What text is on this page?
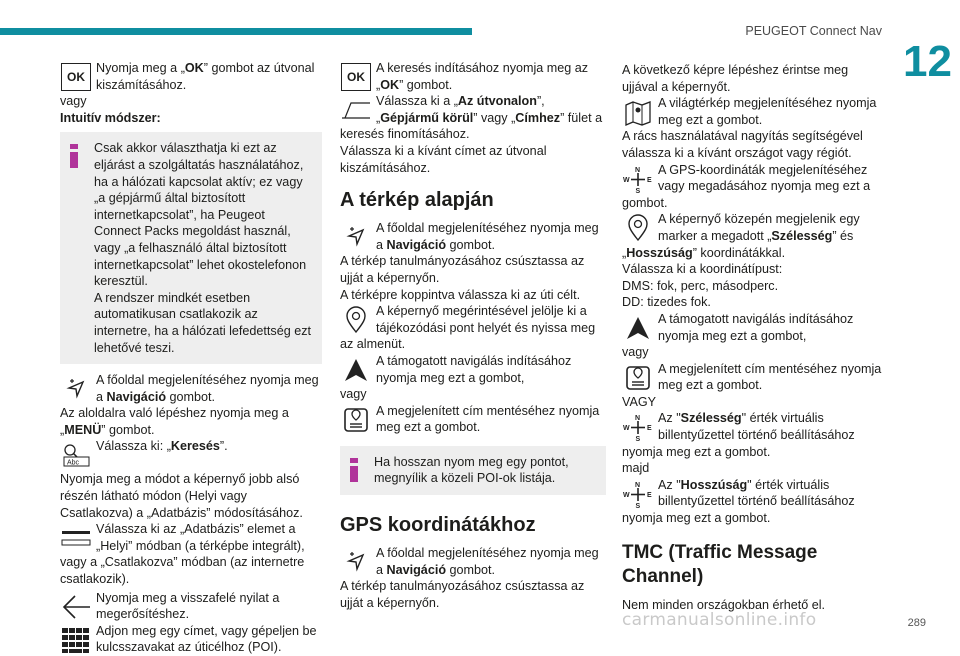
PEUGEOT Connect Nav
12
OK

Nyomja meg a „OK” gombot az útvonal kiszámításához.

vagy

Intuitív módszer:

Csak akkor választhatja ki ezt az eljárást a szolgáltatás használatához, ha a hálózati kapcsolat aktív; ez vagy „a gépjármű által biztosított internetkapcsolat”, ha Peugeot Connect Packs megoldást használ, vagy „a felhasználó által biztosított internetkapcsolat” lehet okostelefonon keresztül.

A rendszer mindkét esetben automatikusan csatlakozik az internetre, ha a hálózati lefedettség ezt lehetővé teszi.

A főoldal megjelenítéséhez nyomja meg a Navigáció gombot.

Az aloldalra való lépéshez nyomja meg a „MENÜ” gombot.

Abc

Válassza ki: „Keresés”.

Nyomja meg a módot a képernyő jobb alsó részén látható módon (Helyi vagy Csatlakozva) a „Adatbázis” módosításához.

Válassza ki az „Adatbázis” elemet a „Helyi” módban (a térképbe integrált), vagy a „Csatlakozva” módban (az internetre csatlakozik).

Nyomja meg a visszafelé nyilat a megerősítéshez.

Adjon meg egy címet, vagy gépeljen be kulcsszavakat az úticélhoz (POI).

OK

A keresés indításához nyomja meg az „OK” gombot.

Válassza ki a „Az útvonalon”, „Gépjármű körül” vagy „Címhez” fület a keresés finomításához.

Válassza ki a kívánt címet az útvonal kiszámításához.

A térkép alapján

A főoldal megjelenítéséhez nyomja meg a Navigáció gombot.

A térkép tanulmányozásához csúsztassa az ujját a képernyőn.

A térképre koppintva válassza ki az úti célt.

A képernyő megérintésével jelölje ki a tájékozódási pont helyét és nyissa meg az almenüt.

A támogatott navigálás indításához nyomja meg ezt a gombot,

vagy

A megjelenített cím mentéséhez nyomja meg ezt a gombot.

Ha hosszan nyom meg egy pontot, megnyílik a közeli POI-ok listája.

GPS koordinátákhoz

A főoldal megjelenítéséhez nyomja meg a Navigáció gombot.

A térkép tanulmányozásához csúsztassa az ujját a képernyőn.

A következő képre lépéshez érintse meg ujjával a képernyőt.

A világtérkép megjelenítéséhez nyomja meg ezt a gombot.

A rács használatával nagyítás segítségével válassza ki a kívánt országot vagy régiót.

N
W E
S

A GPS-koordináták megjelenítéséhez vagy megadásához nyomja meg ezt a gombot.

A képernyő közepén megjelenik egy marker a megadott „Szélesség” és „Hosszúság” koordinátákkal.

Válassza ki a koordinátípust:

DMS: fok, perc, másodperc.

DD: tizedes fok.

A támogatott navigálás indításához nyomja meg ezt a gombot,

vagy

A megjelenített cím mentéséhez nyomja meg ezt a gombot.

VAGY

N
W E
S

Az "Szélesség" érték virtuális billentyűzettel történő beállításához nyomja meg ezt a gombot.

majd

N
W E
S

Az "Hosszúság" érték virtuális billentyűzettel történő beállításához nyomja meg ezt a gombot.

TMC (Traffic Message Channel)

Nem minden országokban érhető el.

carmanualsonline.info	289
